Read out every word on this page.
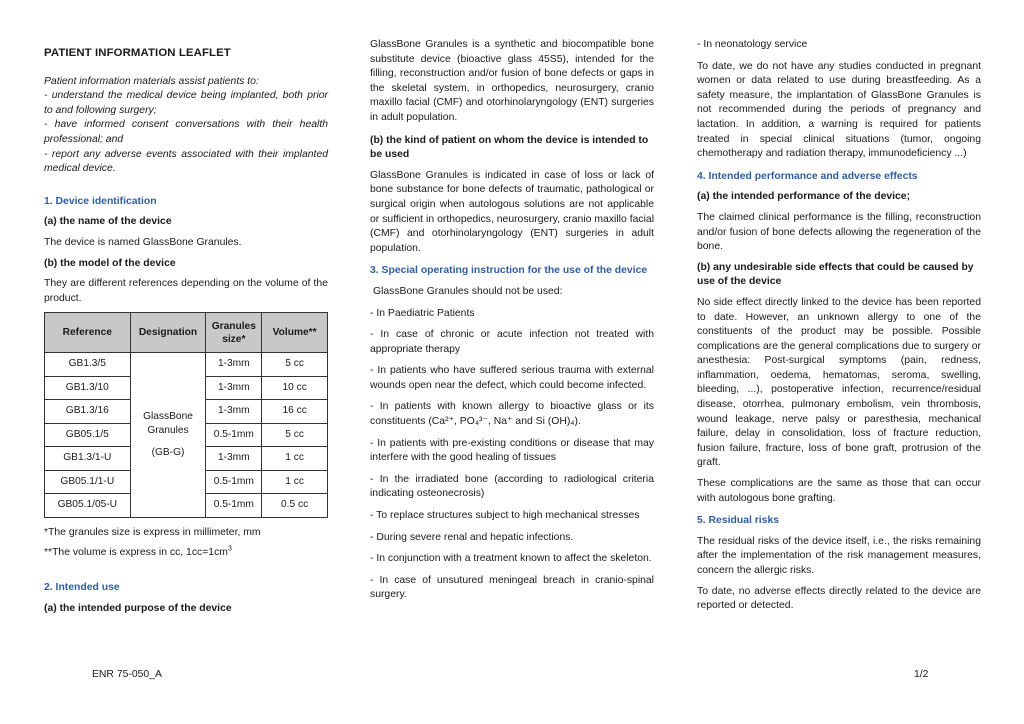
PATIENT INFORMATION LEAFLET

Patient information materials assist patients to:

- understand the medical device being implanted, both prior to and following surgery;

- have informed consent conversations with their health professional; and

- report any adverse events associated with their implanted medical device.

1. Device identification
(a) the name of the device

The device is named GlassBone Granules.

(b) the model of the device

They are different references depending on the volume of the product.

Reference	Designation	Granules size*	Volume**
GB1.3/5	GlassBone
Granules
(GB-G)	1-3mm	5 cc
GB1.3/10		1-3mm	10 cc
GB1.3/16		1-3mm	16 cc
GB05.1/5		0.5-1mm	5 cc
GB1.3/1-U		1-3mm	1 cc
GB05.1/1-U		0.5-1mm	1 cc
GB05.1/05-U		0.5-1mm	0.5 cc

*The granules size is express in millimeter, mm

**The volume is express in cc, $1cc=1cm^3$

2. Intended use
(a) the intended purpose of the device

GlassBone Granules is a synthetic and biocompatible bone substitute device (bioactive glass 45S5), intended for the filling, reconstruction and/or fusion of bone defects or gaps in the skeletal system, in orthopedics, neurosurgery, cranio maxillo facial (CMF) and otorhinolaryngology (ENT) surgeries in adult population.

(b) the kind of patient on whom the device is intended to be used

GlassBone Granules is indicated in case of loss or lack of bone substance for bone defects of traumatic, pathological or surgical origin when autologous solutions are not applicable or sufficient in orthopedics, neurosurgery, cranio maxillo facial (CMF) and otorhinolaryngology (ENT) surgeries in adult population.

3. Special operating instruction for the use of the device

GlassBone Granules should not be used:

- In Paediatric Patients

- In case of chronic or acute infection not treated with appropriate therapy

- In patients who have suffered serious trauma with external wounds open near the defect, which could become infected.

- In patients with known allergy to bioactive glass or its constituents (Ca²⁺, PO₄³⁻, Na⁺ and Si (OH)₄).

- In patients with pre-existing conditions or disease that may interfere with the good healing of tissues

- In the irradiated bone (according to radiological criteria indicating osteonecrosis)

- To replace structures subject to high mechanical stresses

- During severe renal and hepatic infections.

- In conjunction with a treatment known to affect the skeleton.

- In case of unsutured meningeal breach in cranio-spinal surgery.

- In neonatology service

To date, we do not have any studies conducted in pregnant women or data related to use during breastfeeding. As a safety measure, the implantation of GlassBone Granules is not recommended during the periods of pregnancy and lactation. In addition, a warning is required for patients treated in special clinical situations (tumor, ongoing chemotherapy and radiation therapy, immunodeficiency ...)

4. Intended performance and adverse effects
(a) the intended performance of the device;

The claimed clinical performance is the filling, reconstruction and/or fusion of bone defects allowing the regeneration of the bone.

(b) any undesirable side effects that could be caused by use of the device

No side effect directly linked to the device has been reported to date. However, an unknown allergy to one of the constituents of the product may be possible. Possible complications are the general complications due to surgery or anesthesia: Post-surgical symptoms (pain, redness, inflammation, oedema, hematomas, seroma, swelling, bleeding, ...), postoperative infection, recurrence/residual disease, otorrhea, pulmonary embolism, vein thrombosis, wound leakage, nerve palsy or paresthesia, mechanical failure, delay in consolidation, loss of fracture reduction, fusion failure, fracture, loss of bone graft, protrusion of the graft.

These complications are the same as those that can occur with autologous bone grafting.

5. Residual risks

The residual risks of the device itself, i.e., the risks remaining after the implementation of the risk management measures, concern the allergic risks.

To date, no adverse effects directly related to the device are reported or detected.

ENR 75-050_A	1/2
